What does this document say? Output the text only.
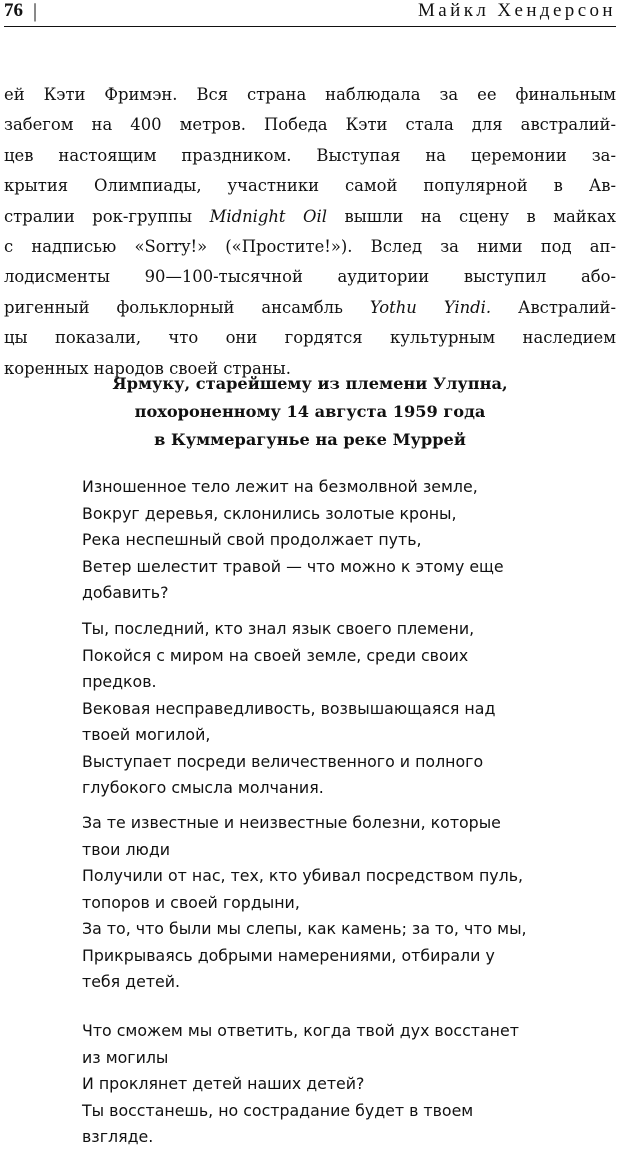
76 |	Майкл Хендерсон
ей Кэти Фримэн. Вся страна наблюдала за ее финальным
забегом на 400 метров. Победа Кэти стала для австралий-
цев настоящим праздником. Выступая на церемонии за-
крытия Олимпиады, участники самой популярной в Ав-
стралии рок-группы Midnight Oil вышли на сцену в майках
с надписью «Sorry!» («Простите!»). Вслед за ними под ап-
лодисменты 90—100-тысячной аудитории выступил або-
ригенный фольклорный ансамбль Yothu Yindi. Австралий-
цы показали, что они гордятся культурным наследием
коренных народов своей страны.
Ярмуку, старейшему из племени Улупна,
похороненному 14 августа 1959 года
в Куммерагунье на реке Муррей
Изношенное тело лежит на безмолвной земле,
Вокруг деревья, склонились золотые кроны,
Река неспешный свой продолжает путь,
Ветер шелестит травой — что можно к этому еще
добавить?
Ты, последний, кто знал язык своего племени,
Покойся с миром на своей земле, среди своих
предков.
Вековая несправедливость, возвышающаяся над
твоей могилой,
Выступает посреди величественного и полного
глубокого смысла молчания.
За те известные и неизвестные болезни, которые
твои люди
Получили от нас, тех, кто убивал посредством пуль,
топоров и своей гордыни,
За то, что были мы слепы, как камень; за то, что мы,
Прикрываясь добрыми намерениями, отбирали у
тебя детей.
Что сможем мы ответить, когда твой дух восстанет
из могилы
И проклянет детей наших детей?
Ты восстанешь, но сострадание будет в твоем
взгляде.
